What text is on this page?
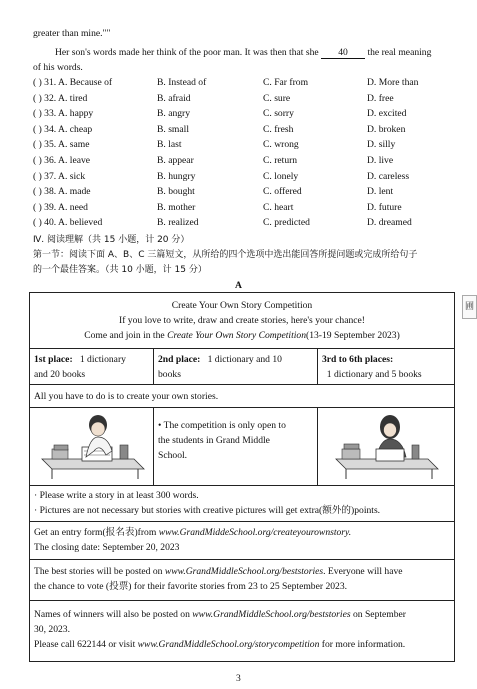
greater than mine.""
Her son's words made her think of the poor man. It was then that she 40 the real meaning
of his words.
( ) 31. A. Because of	B. Instead of	C. Far from	D. More than
( ) 32. A. tired	B. afraid	C. sure	D. free
( ) 33. A. happy	B. angry	C. sorry	D. excited
( ) 34. A. cheap	B. small	C. fresh	D. broken
( ) 35. A. same	B. last	C. wrong	D. silly
( ) 36. A. leave	B. appear	C. return	D. live
( ) 37. A. sick	B. hungry	C. lonely	D. careless
( ) 38. A. made	B. bought	C. offered	D. lent
( ) 39. A. need	B. mother	C. heart	D. future
( ) 40. A. believed	B. realized	C. predicted	D. dreamed
Ⅳ. 阅读理解（共 15 小题，计 20 分）
第一节：阅读下面 A、B、C 三篇短文，从所给的四个选项中选出能回答所提问题或完成所给句子
的一个最佳答案。（共 10 小题，计 15 分）
A
Create Your Own Story Competition
If you love to write, draw and create stories, here's your chance!
Come and join in the Create Your Own Story Competition(13-19 September 2023)
1st place: 1 dictionary
and 20 books
2nd place: 1 dictionary and 10
books
3rd to 6th places:
1 dictionary and 5 books
All you have to do is to create your own stories.
• The competition is only open to
the students in Grand Middle
School.
· Please write a story in at least 300 words.
· Pictures are not necessary but stories with creative pictures will get extra(额外的)points.
Get an entry form(报名表)from www.GrandMiddeSchool.org/createyourownstory.
The closing date: September 20, 2023
The best stories will be posted on www.GrandMiddleSchool.org/beststories. Everyone will have
the chance to vote (投票) for their favorite stories from 23 to 25 September 2023.
Names of winners will also be posted on www.GrandMiddleSchool.org/beststories on September
30, 2023.
Please call 622144 or visit www.GrandMiddleSchool.org/storycompetition for more information.
圃
3
